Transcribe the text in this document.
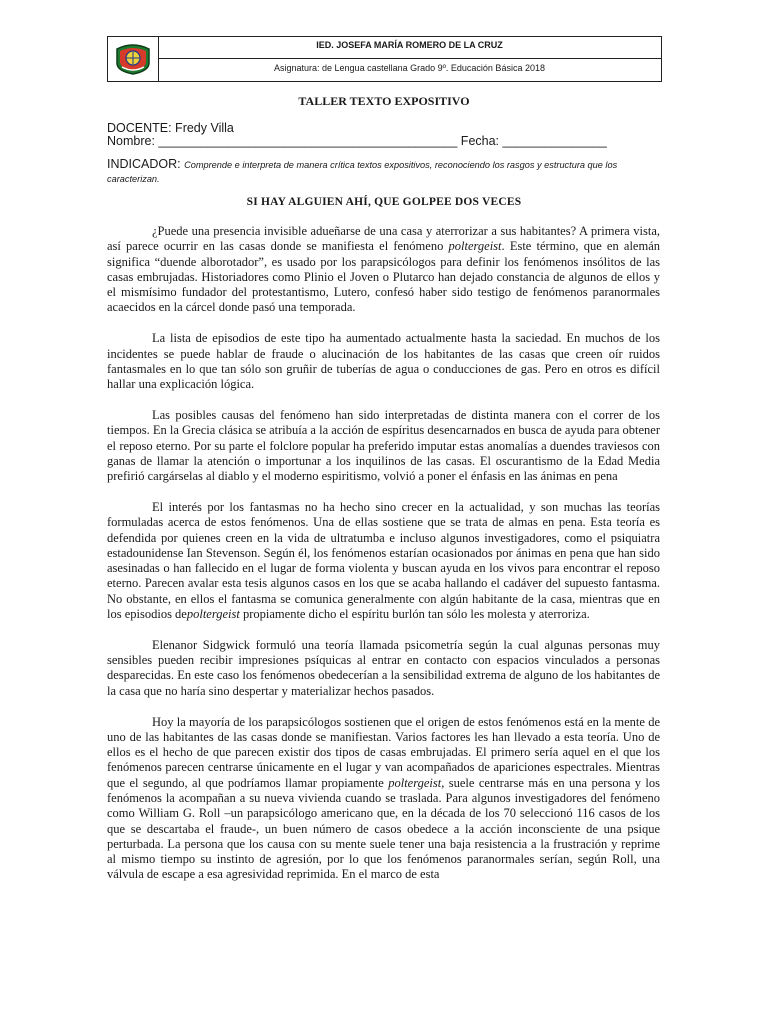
IED. JOSEFA MARÍA ROMERO DE LA CRUZ
Asignatura: de Lengua castellana Grado 9º. Educación Básica 2018
TALLER TEXTO EXPOSITIVO
DOCENTE: Fredy Villa
Nombre: ___________________________________________ Fecha: _______________
INDICADOR: Comprende e interpreta de manera crítica textos expositivos, reconociendo los rasgos y estructura que los caracterizan.
SI HAY ALGUIEN AHÍ, QUE GOLPEE DOS VECES

¿Puede una presencia invisible adueñarse de una casa y aterrorizar a sus habitantes? A primera vista, así parece ocurrir en las casas donde se manifiesta el fenómeno poltergeist. Este término, que en alemán significa “duende alborotador”, es usado por los parapsicólogos para definir los fenómenos insólitos de las casas embrujadas. Historiadores como Plinio el Joven o Plutarco han dejado constancia de algunos de ellos y el mismísimo fundador del protestantismo, Lutero, confesó haber sido testigo de fenómenos paranormales acaecidos en la cárcel donde pasó una temporada.

La lista de episodios de este tipo ha aumentado actualmente hasta la saciedad. En muchos de los incidentes se puede hablar de fraude o alucinación de los habitantes de las casas que creen oír ruidos fantasmales en lo que tan sólo son gruñir de tuberías de agua o conducciones de gas. Pero en otros es difícil hallar una explicación lógica.

Las posibles causas del fenómeno han sido interpretadas de distinta manera con el correr de los tiempos. En la Grecia clásica se atribuía a la acción de espíritus desencarnados en busca de ayuda para obtener el reposo eterno. Por su parte el folclore popular ha preferido imputar estas anomalías a duendes traviesos con ganas de llamar la atención o importunar a los inquilinos de las casas. El oscurantismo de la Edad Media prefirió cargárselas al diablo y el moderno espiritismo, volvió a poner el énfasis en las ánimas en pena

El interés por los fantasmas no ha hecho sino crecer en la actualidad, y son muchas las teorías formuladas acerca de estos fenómenos. Una de ellas sostiene que se trata de almas en pena. Esta teoría es defendida por quienes creen en la vida de ultratumba e incluso algunos investigadores, como el psiquiatra estadounidense Ian Stevenson. Según él, los fenómenos estarían ocasionados por ánimas en pena que han sido asesinadas o han fallecido en el lugar de forma violenta y buscan ayuda en los vivos para encontrar el reposo eterno. Parecen avalar esta tesis algunos casos en los que se acaba hallando el cadáver del supuesto fantasma. No obstante, en ellos el fantasma se comunica generalmente con algún habitante de la casa, mientras que en los episodios depoltergeist propiamente dicho el espíritu burlón tan sólo les molesta y aterroriza.

Elenanor Sidgwick formuló una teoría llamada psicometría según la cual algunas personas muy sensibles pueden recibir impresiones psíquicas al entrar en contacto con espacios vinculados a personas desparecidas. En este caso los fenómenos obedecerían a la sensibilidad extrema de alguno de los habitantes de la casa que no haría sino despertar y materializar hechos pasados.

Hoy la mayoría de los parapsicólogos sostienen que el origen de estos fenómenos está en la mente de uno de las habitantes de las casas donde se manifiestan. Varios factores les han llevado a esta teoría. Uno de ellos es el hecho de que parecen existir dos tipos de casas embrujadas. El primero sería aquel en el que los fenómenos parecen centrarse únicamente en el lugar y van acompañados de apariciones espectrales. Mientras que el segundo, al que podríamos llamar propiamente poltergeist, suele centrarse más en una persona y los fenómenos la acompañan a su nueva vivienda cuando se traslada. Para algunos investigadores del fenómeno como William G. Roll –un parapsicólogo americano que, en la década de los 70 seleccionó 116 casos de los que se descartaba el fraude-, un buen número de casos obedece a la acción inconsciente de una psique perturbada. La persona que los causa con su mente suele tener una baja resistencia a la frustración y reprime al mismo tiempo su instinto de agresión, por lo que los fenómenos paranormales serían, según Roll, una válvula de escape a esa agresividad reprimida. En el marco de esta
